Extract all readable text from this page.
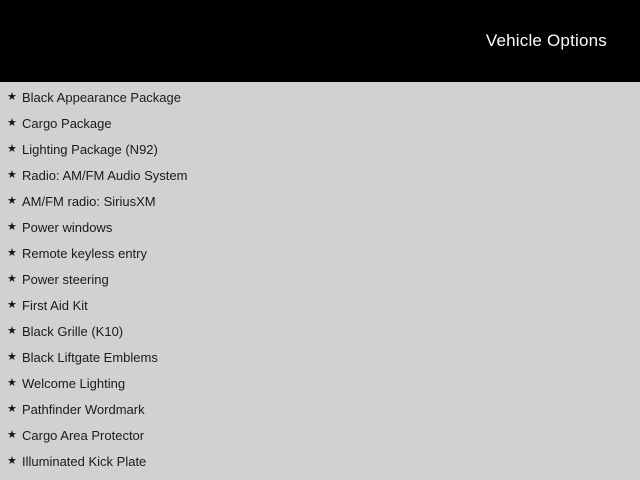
Vehicle Options
★ Black Appearance Package
★ Cargo Package
★ Lighting Package (N92)
★ Radio: AM/FM Audio System
★ AM/FM radio: SiriusXM
★ Power windows
★ Remote keyless entry
★ Power steering
★ First Aid Kit
★ Black Grille (K10)
★ Black Liftgate Emblems
★ Welcome Lighting
★ Pathfinder Wordmark
★ Cargo Area Protector
★ Illuminated Kick Plate
